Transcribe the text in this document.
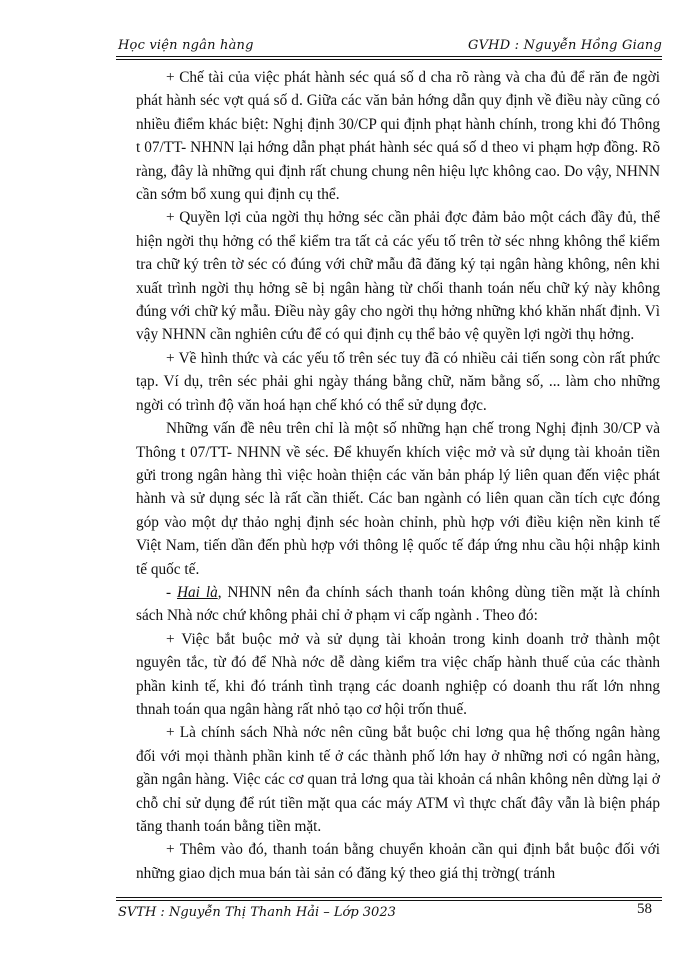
Học viện ngân hàng	GVHD : Nguyễn Hồng Giang

+ Chế tài của việc phát hành séc quá số d cha rõ ràng và cha đủ để răn đe ngời phát hành séc vợt quá số d. Giữa các văn bản hớng dẫn quy định về điều này cũng có nhiều điểm khác biệt: Nghị định 30/CP qui định phạt hành chính, trong khi đó Thông t 07/TT- NHNN lại hớng dẫn phạt phát hành séc quá số d theo vi phạm hợp đồng. Rõ ràng, đây là những qui định rất chung chung nên hiệu lực không cao. Do vậy, NHNN cần sớm bổ xung qui định cụ thể.

+ Quyền lợi của ngời thụ hởng séc cần phải đợc đảm bảo một cách đầy đủ, thể hiện ngời thụ hởng có thể kiểm tra tất cả các yếu tố trên tờ séc nhng không thể kiểm tra chữ ký trên tờ séc có đúng với chữ mẫu đã đăng ký tại ngân hàng không, nên khi xuất trình ngời thụ hởng sẽ bị ngân hàng từ chối thanh toán nếu chữ ký này không đúng với chữ ký mẫu. Điều này gây cho ngời thụ hởng những khó khăn nhất định. Vì vậy NHNN cần nghiên cứu để có qui định cụ thể bảo vệ quyền lợi ngời thụ hởng.

+ Về hình thức và các yếu tố trên séc tuy đã có nhiều cải tiến song còn rất phức tạp. Ví dụ, trên séc phải ghi ngày tháng bằng chữ, năm bằng số, ... làm cho những ngời có trình độ văn hoá hạn chế khó có thể sử dụng đợc.

Những vấn đề nêu trên chỉ là một số những hạn chế trong Nghị định 30/CP và Thông t 07/TT- NHNN về séc. Để khuyến khích việc mở và sử dụng tài khoản tiền gửi trong ngân hàng thì việc hoàn thiện các văn bản pháp lý liên quan đến việc phát hành và sử dụng séc là rất cần thiết. Các ban ngành có liên quan cần tích cực đóng góp vào một dự thảo nghị định séc hoàn chỉnh, phù hợp với điều kiện nền kinh tế Việt Nam, tiến dần đến phù hợp với thông lệ quốc tế đáp ứng nhu cầu hội nhập kinh tế quốc tế.

- Hai là, NHNN nên đa chính sách thanh toán không dùng tiền mặt là chính sách Nhà nớc chứ không phải chỉ ở phạm vi cấp ngành . Theo đó:

+ Việc bắt buộc mở và sử dụng tài khoản trong kinh doanh trở thành một nguyên tắc, từ đó để Nhà nớc dễ dàng kiểm tra việc chấp hành thuế của các thành phần kinh tế, khi đó tránh tình trạng các doanh nghiệp có doanh thu rất lớn nhng thnah toán qua ngân hàng rất nhỏ tạo cơ hội trốn thuế.

+ Là chính sách Nhà nớc nên cũng bắt buộc chi lơng qua hệ thống ngân hàng đối với mọi thành phần kinh tế ở các thành phố lớn hay ở những nơi có ngân hàng, gần ngân hàng. Việc các cơ quan trả lơng qua tài khoản cá nhân không nên dừng lại ở chỗ chỉ sử dụng để rút tiền mặt qua các máy ATM vì thực chất đây vẫn là biện pháp tăng thanh toán bằng tiền mặt.

+ Thêm vào đó, thanh toán bằng chuyển khoản cần qui định bắt buộc đối với những giao dịch mua bán tài sản có đăng ký theo giá thị trờng( tránh

SVTH : Nguyễn Thị Thanh Hải – Lớp 3023	58
